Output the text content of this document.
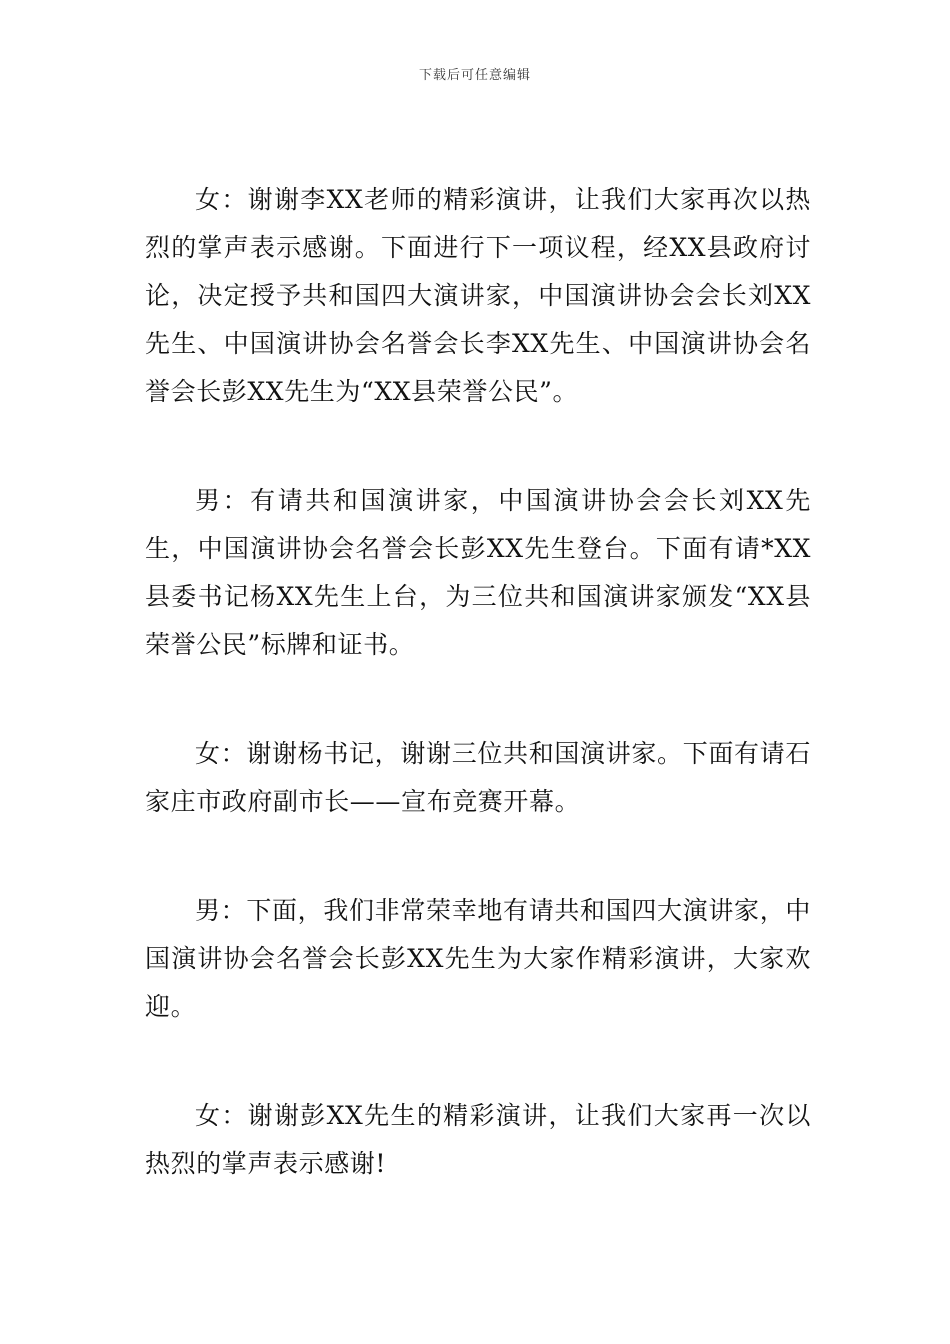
下载后可任意编辑

女：谢谢李XX老师的精彩演讲，让我们大家再次以热烈的掌声表示感谢。下面进行下一项议程，经XX县政府讨论，决定授予共和国四大演讲家，中国演讲协会会长刘XX先生、中国演讲协会名誉会长李XX先生、中国演讲协会名誉会长彭XX先生为“XX县荣誉公民”。

男：有请共和国演讲家，中国演讲协会会长刘XX先生，中国演讲协会名誉会长彭XX先生登台。下面有请*XX县委书记杨XX先生上台，为三位共和国演讲家颁发“XX县荣誉公民”标牌和证书。

女：谢谢杨书记，谢谢三位共和国演讲家。下面有请石家庄市政府副市长——宣布竞赛开幕。

男：下面，我们非常荣幸地有请共和国四大演讲家，中国演讲协会名誉会长彭XX先生为大家作精彩演讲，大家欢迎。

女：谢谢彭XX先生的精彩演讲，让我们大家再一次以热烈的掌声表示感谢!
